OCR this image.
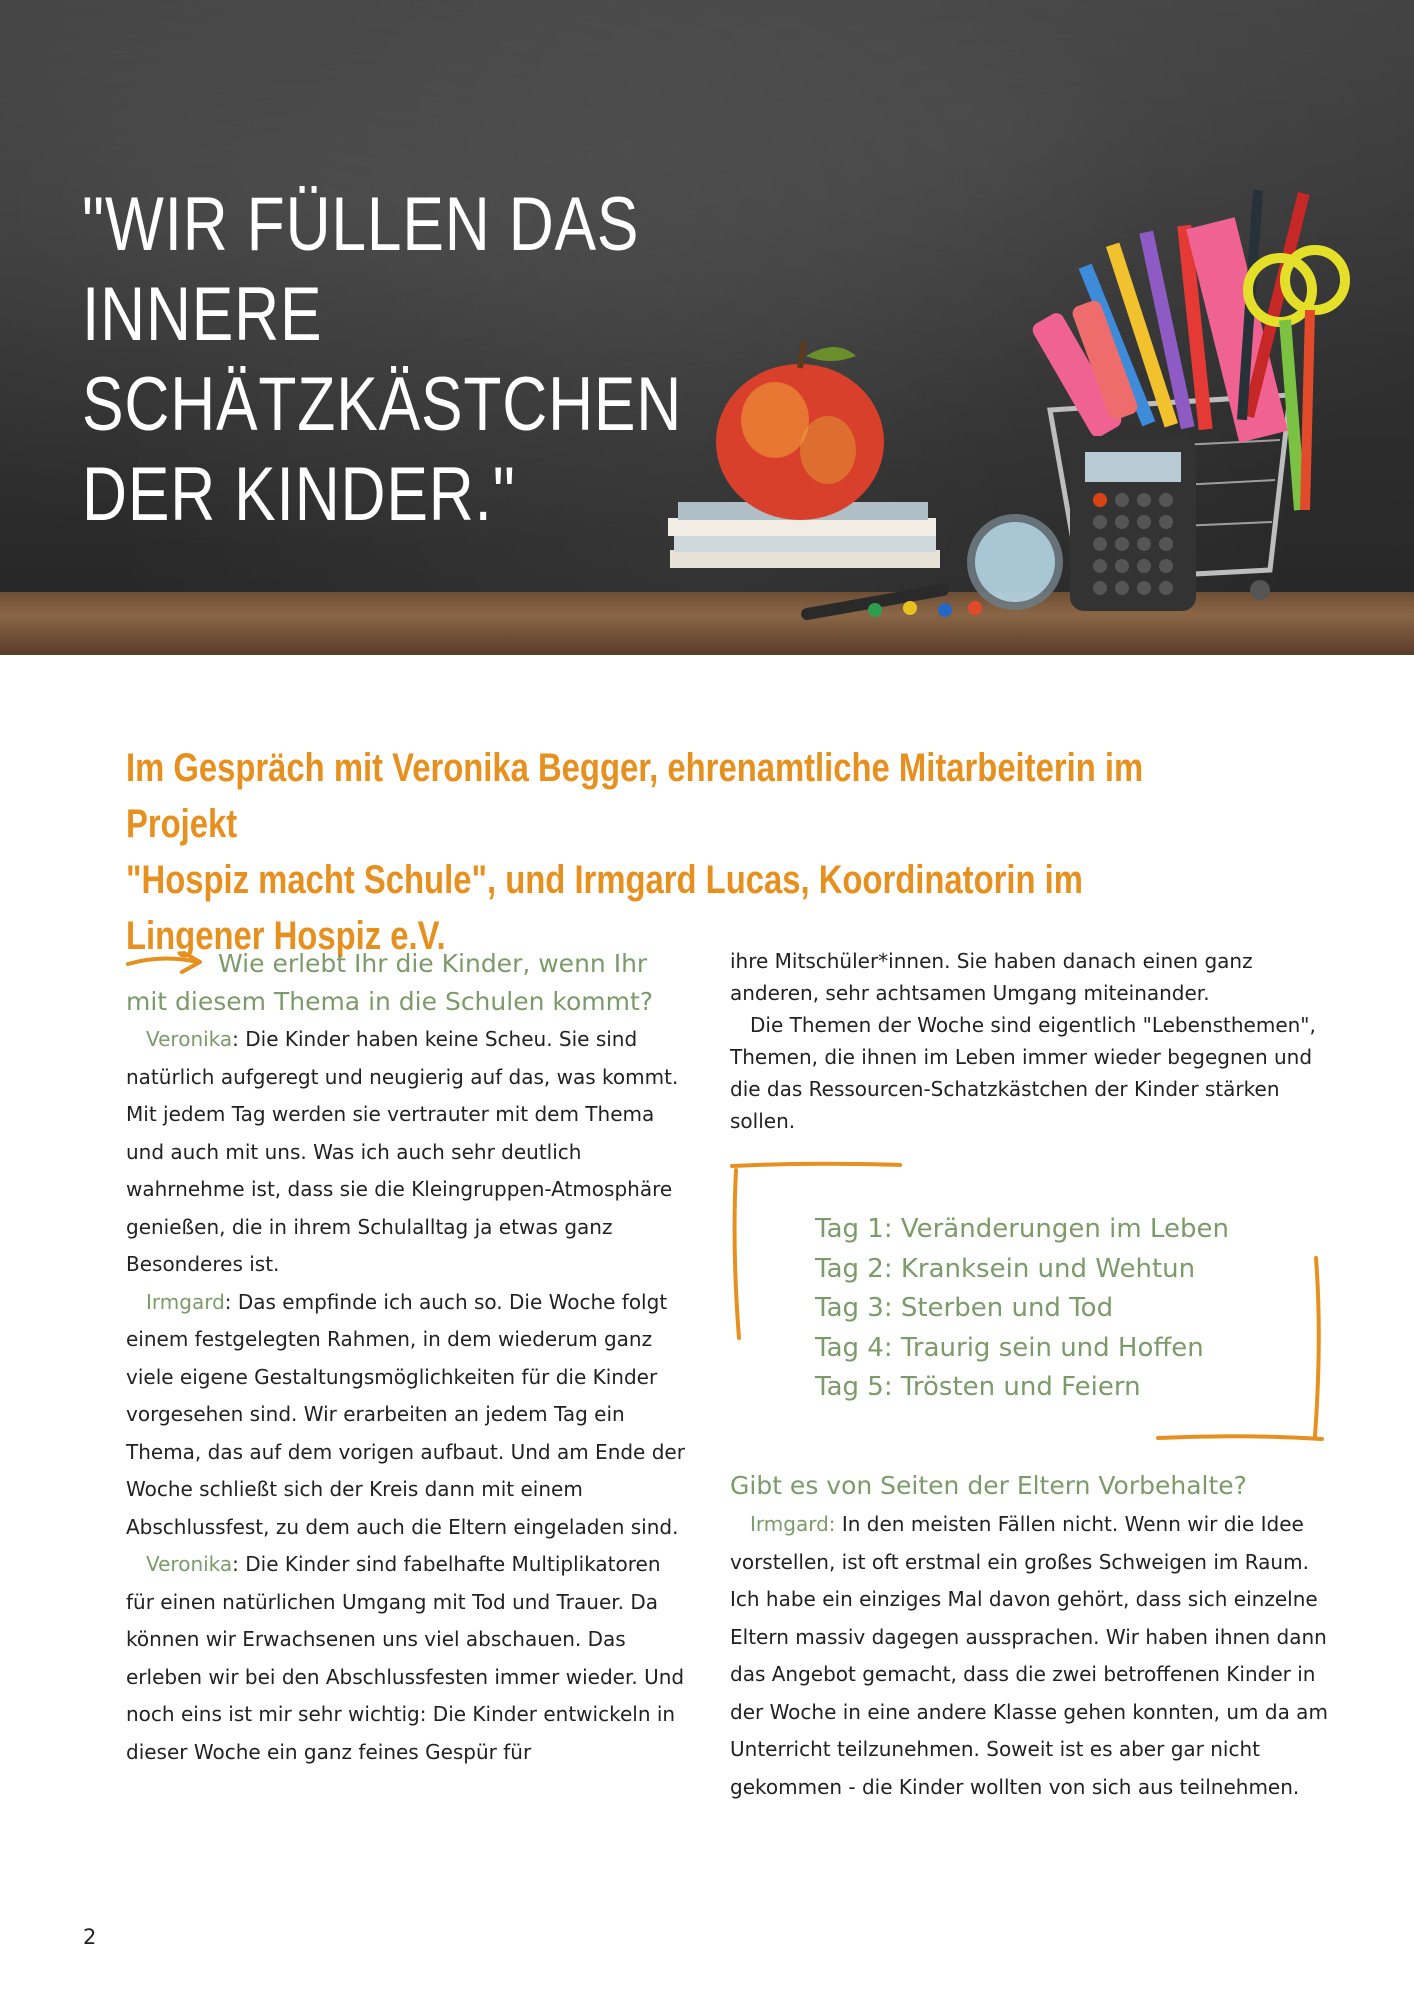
"WIR FÜLLEN DAS INNERE
SCHÄTZKÄSTCHEN DER KINDER."
Im Gespräch mit Veronika Begger, ehrenamtliche Mitarbeiterin im Projekt
"Hospiz macht Schule", und Irmgard Lucas, Koordinatorin im Lingener Hospiz e.V.

Wie erlebt Ihr die Kinder, wenn Ihr mit diesem Thema in die Schulen kommt?

Veronika: Die Kinder haben keine Scheu. Sie sind natürlich aufgeregt und neugierig auf das, was kommt. Mit jedem Tag werden sie vertrauter mit dem Thema und auch mit uns. Was ich auch sehr deutlich wahrnehme ist, dass sie die Kleingruppen-Atmosphäre genießen, die in ihrem Schulalltag ja etwas ganz Besonderes ist.

Irmgard: Das empfinde ich auch so. Die Woche folgt einem festgelegten Rahmen, in dem wiederum ganz viele eigene Gestaltungsmöglichkeiten für die Kinder vorgesehen sind. Wir erarbeiten an jedem Tag ein Thema, das auf dem vorigen aufbaut. Und am Ende der Woche schließt sich der Kreis dann mit einem Abschlussfest, zu dem auch die Eltern eingeladen sind.

Veronika: Die Kinder sind fabelhafte Multiplikatoren für einen natürlichen Umgang mit Tod und Trauer. Da können wir Erwachsenen uns viel abschauen. Das erleben wir bei den Abschlussfesten immer wieder. Und noch eins ist mir sehr wichtig: Die Kinder entwickeln in dieser Woche ein ganz feines Gespür für

ihre Mitschüler*innen. Sie haben danach einen ganz anderen, sehr achtsamen Umgang miteinander.

Die Themen der Woche sind eigentlich "Lebensthemen", Themen, die ihnen im Leben immer wieder begegnen und die das Ressourcen-Schatzkästchen der Kinder stärken sollen.

Tag 1: Veränderungen im Leben
Tag 2: Kranksein und Wehtun
Tag 3: Sterben und Tod
Tag 4: Traurig sein und Hoffen
Tag 5: Trösten und Feiern
Gibt es von Seiten der Eltern Vorbehalte?

Irmgard: In den meisten Fällen nicht. Wenn wir die Idee vorstellen, ist oft erstmal ein großes Schweigen im Raum. Ich habe ein einziges Mal davon gehört, dass sich einzelne Eltern massiv dagegen aussprachen. Wir haben ihnen dann das Angebot gemacht, dass die zwei betroffenen Kinder in der Woche in eine andere Klasse gehen konnten, um da am Unterricht teilzunehmen. Soweit ist es aber gar nicht gekommen - die Kinder wollten von sich aus teilnehmen.

2
